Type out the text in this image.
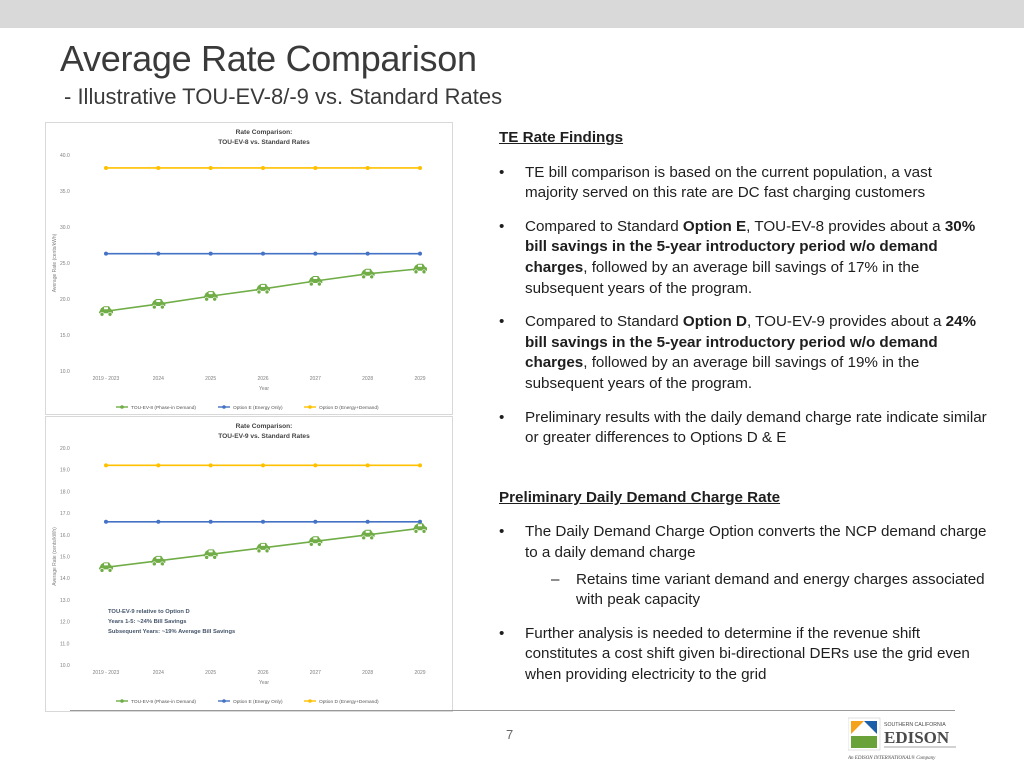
Average Rate Comparison
- Illustrative TOU-EV-8/-9 vs. Standard Rates
Rate Comparison:
TOU-EV-8 vs. Standard Rates
40.0
35.0
30.0
25.0
20.0
15.0
10.0
Average Rate (cents/kWh)
2019 - 2023	2024	2025	2026	2027	2028	2029
Year
TOU-EV-8 (Phase-in Demand)	Option E (Energy Only)	Option D (Energy+Demand)
Rate Comparison:
TOU-EV-9 vs. Standard Rates
20.0
19.0
18.0
17.0
16.0
15.0
14.0
13.0
12.0
11.0
10.0
Average Rate (cents/kWh)
2019 - 2023	2024	2025	2026	2027	2028	2029
Year
TOU-EV-9 (Phase-in Demand)	Option E (Energy Only)	Option D (Energy+Demand)
TOU-EV-9 relative to Option D
Years 1-5: ~24% Bill Savings
Subsequent Years: ~19% Average Bill Savings
TE Rate Findings
• TE bill comparison is based on the current population, a vast majority served on this rate are DC fast charging customers
• Compared to Standard Option E, TOU-EV-8 provides about a 30% bill savings in the 5-year introductory period w/o demand charges, followed by an average bill savings of 17% in the subsequent years of the program.
• Compared to Standard Option D, TOU-EV-9 provides about a 24% bill savings in the 5-year introductory period w/o demand charges, followed by an average bill savings of 19% in the subsequent years of the program.
• Preliminary results with the daily demand charge rate indicate similar or greater differences to Options D & E
Preliminary Daily Demand Charge Rate
• The Daily Demand Charge Option converts the NCP demand charge to a daily demand charge
– Retains time variant demand and energy charges associated with peak capacity
• Further analysis is needed to determine if the revenue shift constitutes a cost shift given bi-directional DERs use the grid even when providing electricity to the grid
7
SOUTHERN CALIFORNIA
EDISON
An EDISON INTERNATIONAL® Company
